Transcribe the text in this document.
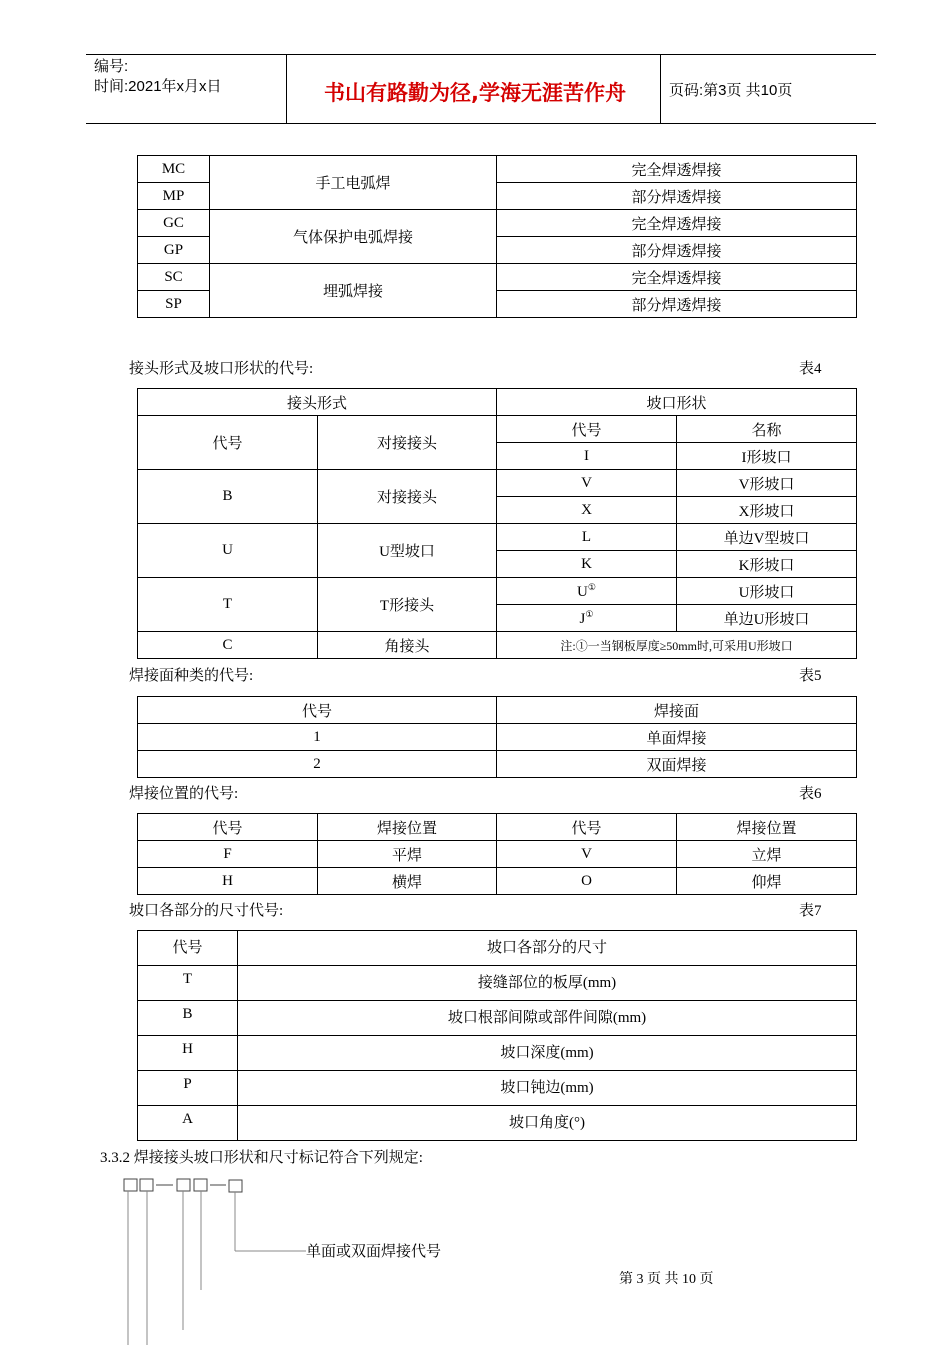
编号:
时间:2021年x月x日	书山有路勤为径,学海无涯苦作舟	页码:第3页 共10页
MC	手工电弧焊	完全焊透焊接
MP		部分焊透焊接
GC	气体保护电弧焊接	完全焊透焊接
GP		部分焊透焊接
SC	埋弧焊接	完全焊透焊接
SP		部分焊透焊接
接头形式及坡口形状的代号:	表4
接头形式		坡口形状	
代号	对接接头	代号	名称
		I	I形坡口
B	对接接头	V	V形坡口
		X	X形坡口
U	U型坡口	L	单边V型坡口
		K	K形坡口
T	T形接头	U①	U形坡口
		J①	单边U形坡口
C	角接头	注:①一当钢板厚度≥50mm时,可采用U形坡口	
焊接面种类的代号:	表5
代号	焊接面
1	单面焊接
2	双面焊接
焊接位置的代号:	表6
代号	焊接位置	代号	焊接位置
F	平焊	V	立焊
H	横焊	O	仰焊
坡口各部分的尺寸代号:	表7
代号	坡口各部分的尺寸
T	接缝部位的板厚(mm)
B	坡口根部间隙或部件间隙(mm)
H	坡口深度(mm)
P	坡口钝边(mm)
A	坡口角度(°)
3.3.2 焊接接头坡口形状和尺寸标记符合下列规定:
单面或双面焊接代号
第 3 页 共 10 页
